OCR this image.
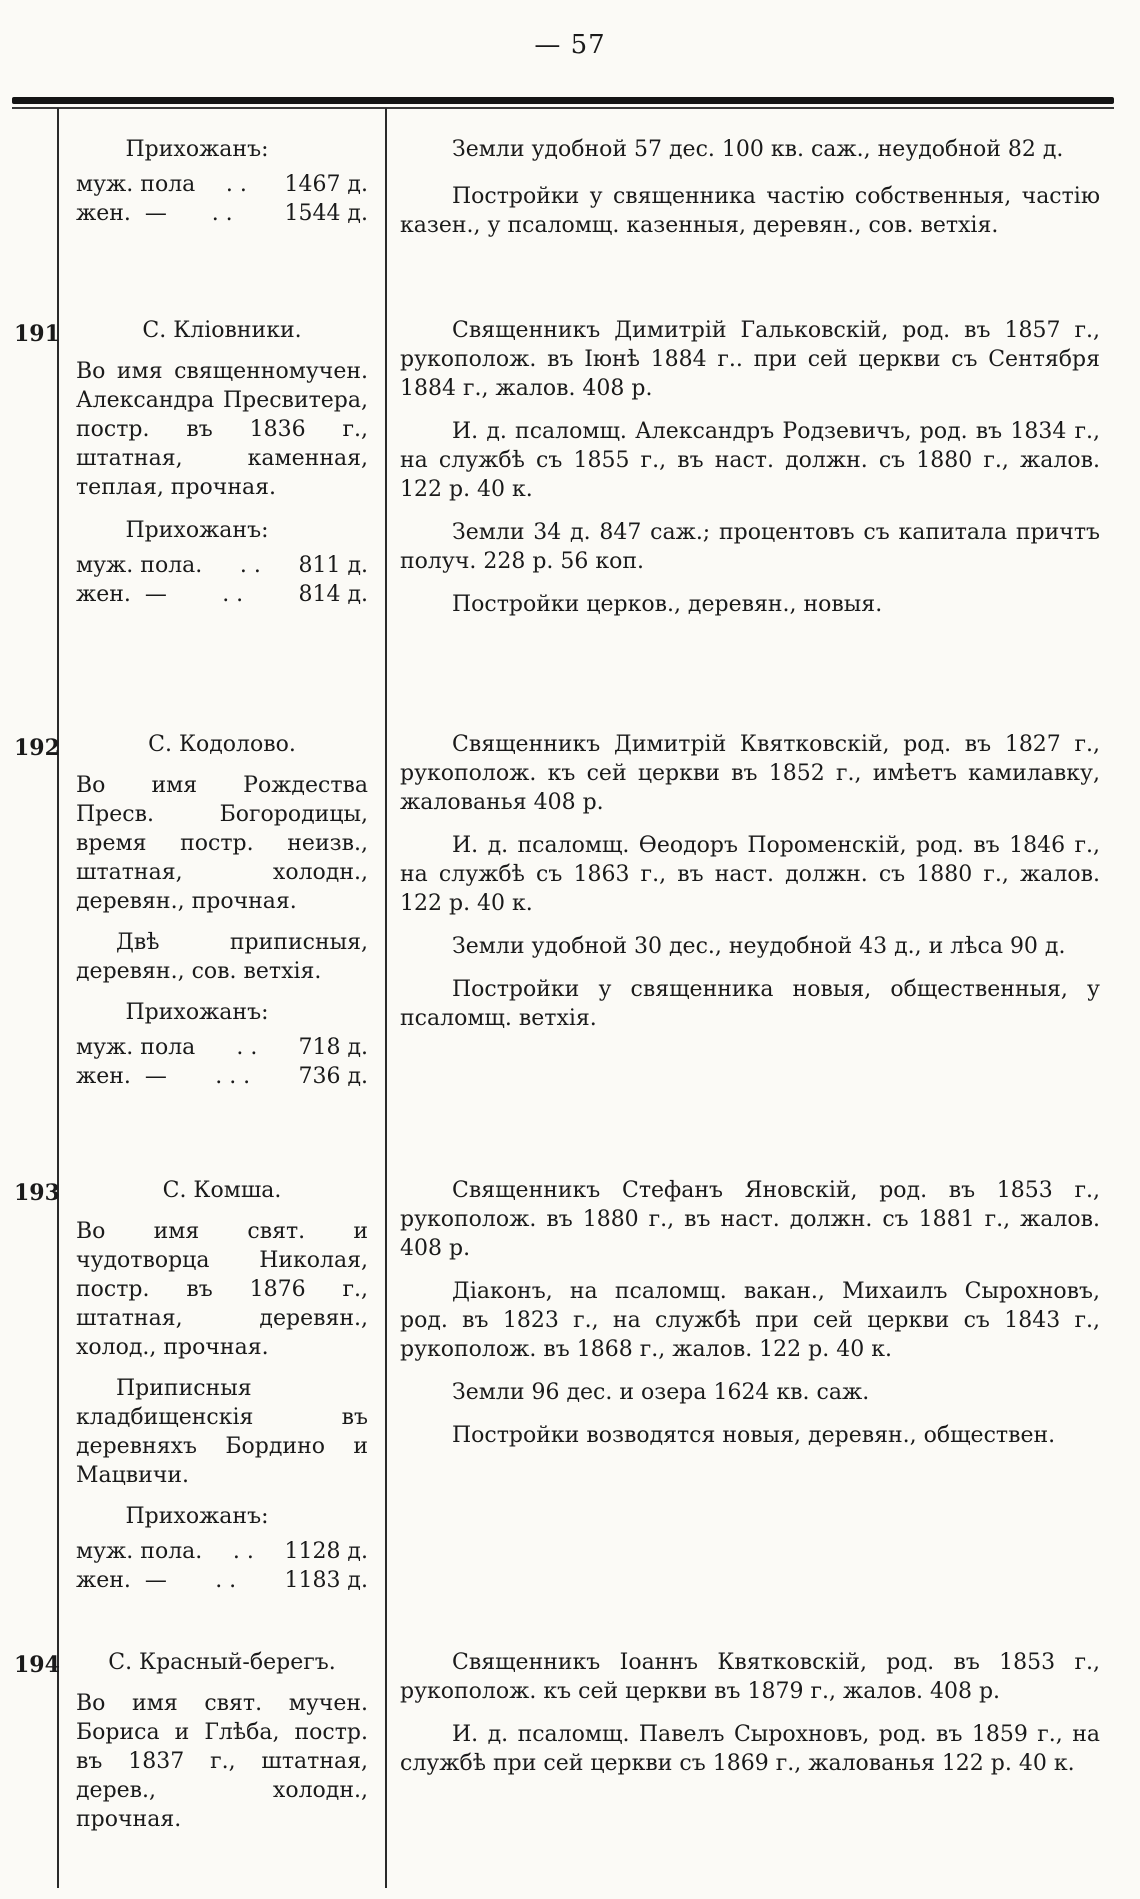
— 57
Прихожанъ:
муж. пола . . 1467 д.
жен.  — . . 1544 д.

Земли удобной 57 дес. 100 кв. саж., неудобной 82 д.

Постройки у священника частію собственныя, частію казен., у псаломщ. казенныя, деревян., сов. ветхія.

191	С. Кліовники.

Во имя священномучен. Александра Пресвитера, постр. въ 1836 г., штатная, каменная, теплая, прочная.

Прихожанъ:
муж. пола. . . 811 д.
жен.  —	. .	814 д.

Священникъ Димитрій Гальковскій, род. въ 1857 г., рукополож. въ Іюнѣ 1884 г.. при сей церкви съ Сентября 1884 г., жалов. 408 р.

И. д. псаломщ. Александръ Родзевичъ, род. въ 1834 г., на службѣ съ 1855 г., въ наст. должн. съ 1880 г., жалов. 122 р. 40 к.

Земли 34 д. 847 саж.; процентовъ съ капитала причтъ получ. 228 р. 56 коп.

Постройки церков., деревян., новыя.

192	С. Кодолово.

Во имя Рождества Пресв. Богородицы, время постр. неизв., штатная, холодн., деревян., прочная.

Двѣ приписныя, деревян., сов. ветхія.

Прихожанъ:
муж. пола . . 718 д.
жен.  — . . . 736 д.

Священникъ Димитрій Квятковскій, род. въ 1827 г., рукополож. къ сей церкви въ 1852 г., имѣетъ камилавку, жалованья 408 р.

И. д. псаломщ. Ѳеодоръ Пороменскій, род. въ 1846 г., на службѣ съ 1863 г., въ наст. должн. съ 1880 г., жалов. 122 р. 40 к.

Земли удобной 30 дес., неудобной 43 д., и лѣса 90 д.

Постройки у священника новыя, общественныя, у псаломщ. ветхія.

193	С. Комша.

Во имя свят. и чудотворца Николая, постр. въ 1876 г., штатная, деревян., холод., прочная.

Приписныя кладбищенскія въ деревняхъ Бордино и Мацвичи.

Прихожанъ:
муж. пола. . . 1128 д.
жен.  — . . 1183 д.

Священникъ Стефанъ Яновскій, род. въ 1853 г., рукополож. въ 1880 г., въ наст. должн. съ 1881 г., жалов. 408 р.

Діаконъ, на псаломщ. вакан., Михаилъ Сырохновъ, род. въ 1823 г., на службѣ при сей церкви съ 1843 г., рукополож. въ 1868 г., жалов. 122 р. 40 к.

Земли 96 дес. и озера 1624 кв. саж.

Постройки возводятся новыя, деревян., обществен.

194	С. Красный-берегъ.

Во имя свят. мучен. Бориса и Глѣба, постр. въ 1837 г., штатная, дерев., холодн., прочная.

Священникъ Іоаннъ Квятковскій, род. въ 1853 г., рукополож. къ сей церкви въ 1879 г., жалов. 408 р.

И. д. псаломщ. Павелъ Сырохновъ, род. въ 1859 г., на службѣ при сей церкви съ 1869 г., жалованья 122 р. 40 к.
